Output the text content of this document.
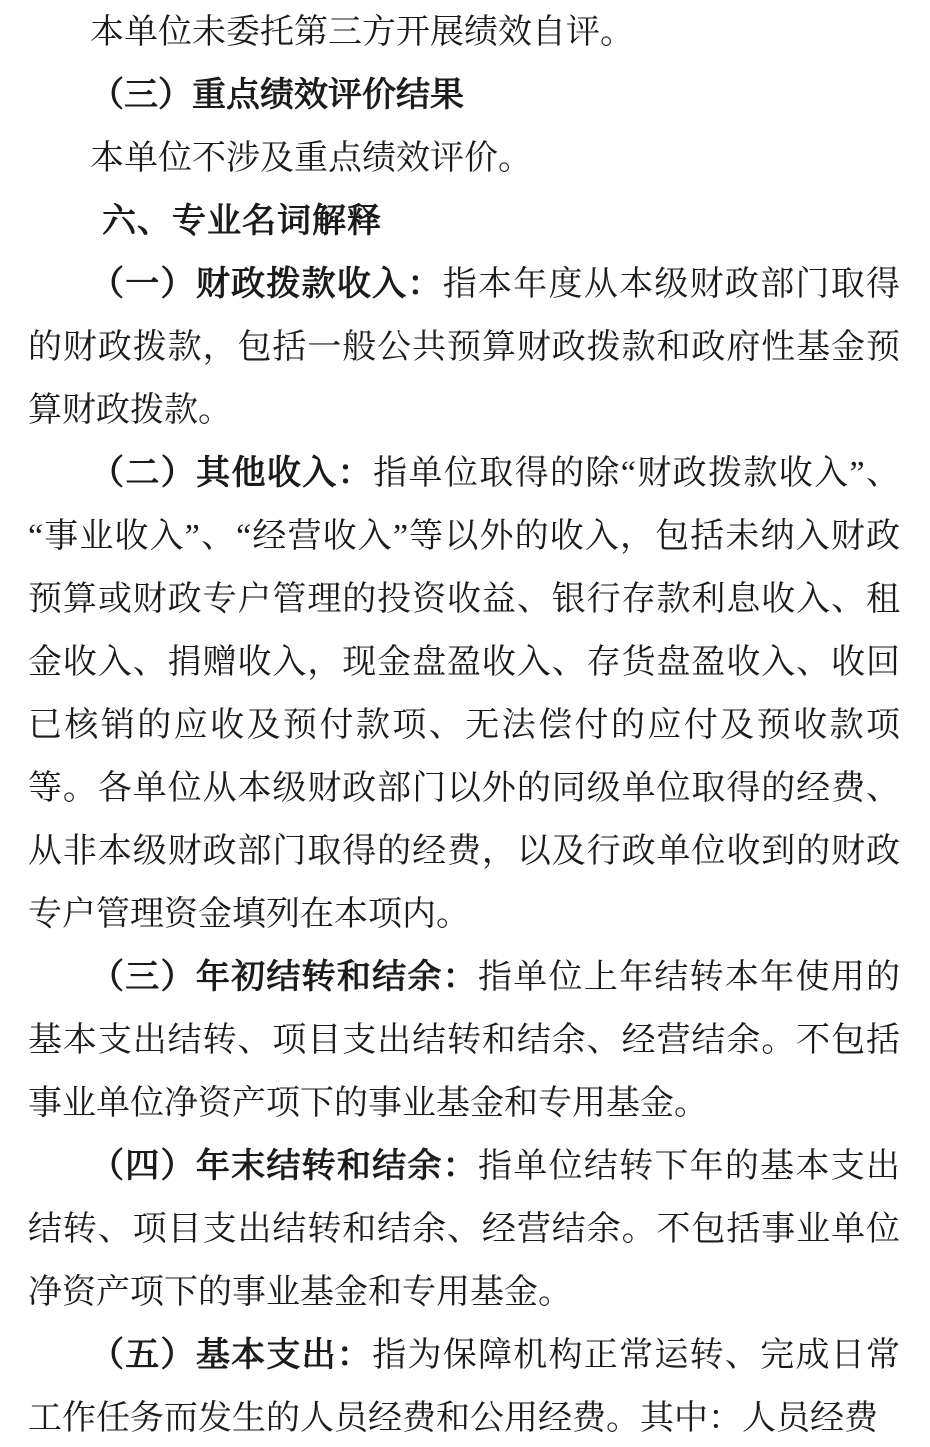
本单位未委托第三方开展绩效自评。

（三）重点绩效评价结果

本单位不涉及重点绩效评价。

六、专业名词解释

（一）财政拨款收入：指本年度从本级财政部门取得的财政拨款，包括一般公共预算财政拨款和政府性基金预算财政拨款。

（二）其他收入：指单位取得的除“财政拨款收入”、“事业收入”、“经营收入”等以外的收入，包括未纳入财政预算或财政专户管理的投资收益、银行存款利息收入、租金收入、捐赠收入，现金盘盈收入、存货盘盈收入、收回已核销的应收及预付款项、无法偿付的应付及预收款项等。各单位从本级财政部门以外的同级单位取得的经费、从非本级财政部门取得的经费，以及行政单位收到的财政专户管理资金填列在本项内。

（三）年初结转和结余：指单位上年结转本年使用的基本支出结转、项目支出结转和结余、经营结余。不包括事业单位净资产项下的事业基金和专用基金。

（四）年末结转和结余：指单位结转下年的基本支出结转、项目支出结转和结余、经营结余。不包括事业单位净资产项下的事业基金和专用基金。

（五）基本支出：指为保障机构正常运转、完成日常工作任务而发生的人员经费和公用经费。其中：人员经费
